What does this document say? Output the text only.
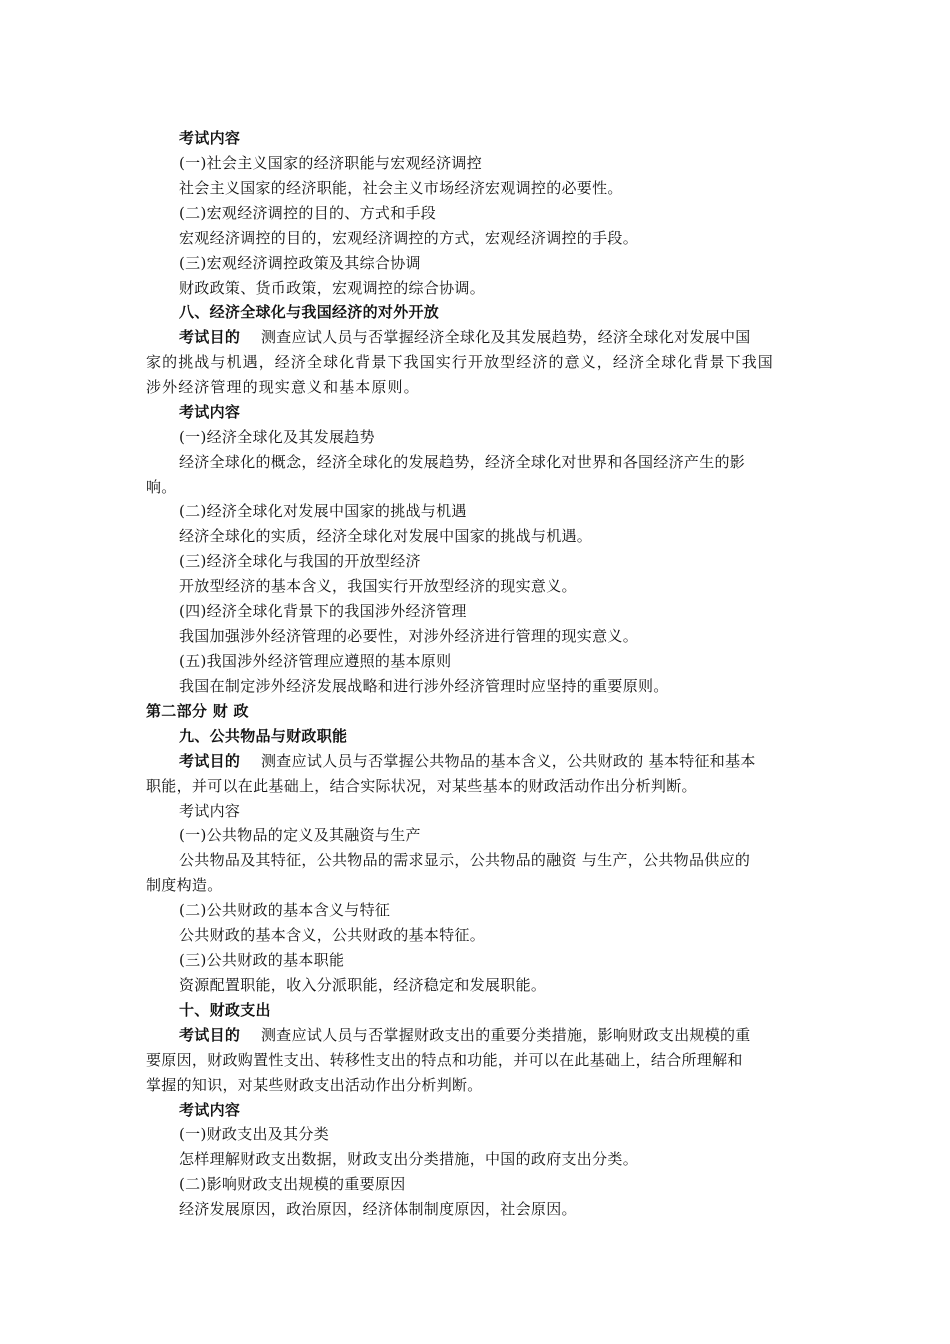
考试内容
(一)社会主义国家的经济职能与宏观经济调控
社会主义国家的经济职能，社会主义市场经济宏观调控的必要性。
(二)宏观经济调控的目的、方式和手段
宏观经济调控的目的，宏观经济调控的方式，宏观经济调控的手段。
(三)宏观经济调控政策及其综合协调
财政政策、货币政策，宏观调控的综合协调。
八、经济全球化与我国经济的对外开放
考试目的 测查应试人员与否掌握经济全球化及其发展趋势，经济全球化对发展中国
家的挑战与机遇，经济全球化背景下我国实行开放型经济的意义，经济全球化背景下我国
涉外经济管理的现实意义和基本原则。
考试内容
(一)经济全球化及其发展趋势
经济全球化的概念，经济全球化的发展趋势，经济全球化对世界和各国经济产生的影
响。
(二)经济全球化对发展中国家的挑战与机遇
经济全球化的实质，经济全球化对发展中国家的挑战与机遇。
(三)经济全球化与我国的开放型经济
开放型经济的基本含义，我国实行开放型经济的现实意义。
(四)经济全球化背景下的我国涉外经济管理
我国加强涉外经济管理的必要性，对涉外经济进行管理的现实意义。
(五)我国涉外经济管理应遵照的基本原则
我国在制定涉外经济发展战略和进行涉外经济管理时应坚持的重要原则。
第二部分 财 政
九、公共物品与财政职能
考试目的 测查应试人员与否掌握公共物品的基本含义，公共财政的 基本特征和基本
职能，并可以在此基础上，结合实际状况，对某些基本的财政活动作出分析判断。
考试内容
(一)公共物品的定义及其融资与生产
公共物品及其特征，公共物品的需求显示，公共物品的融资 与生产，公共物品供应的
制度构造。
(二)公共财政的基本含义与特征
公共财政的基本含义，公共财政的基本特征。
(三)公共财政的基本职能
资源配置职能，收入分派职能，经济稳定和发展职能。
十、财政支出
考试目的 测查应试人员与否掌握财政支出的重要分类措施，影响财政支出规模的重
要原因，财政购置性支出、转移性支出的特点和功能，并可以在此基础上，结合所理解和
掌握的知识，对某些财政支出活动作出分析判断。
考试内容
(一)财政支出及其分类
怎样理解财政支出数据，财政支出分类措施，中国的政府支出分类。
(二)影响财政支出规模的重要原因
经济发展原因，政治原因，经济体制制度原因，社会原因。
